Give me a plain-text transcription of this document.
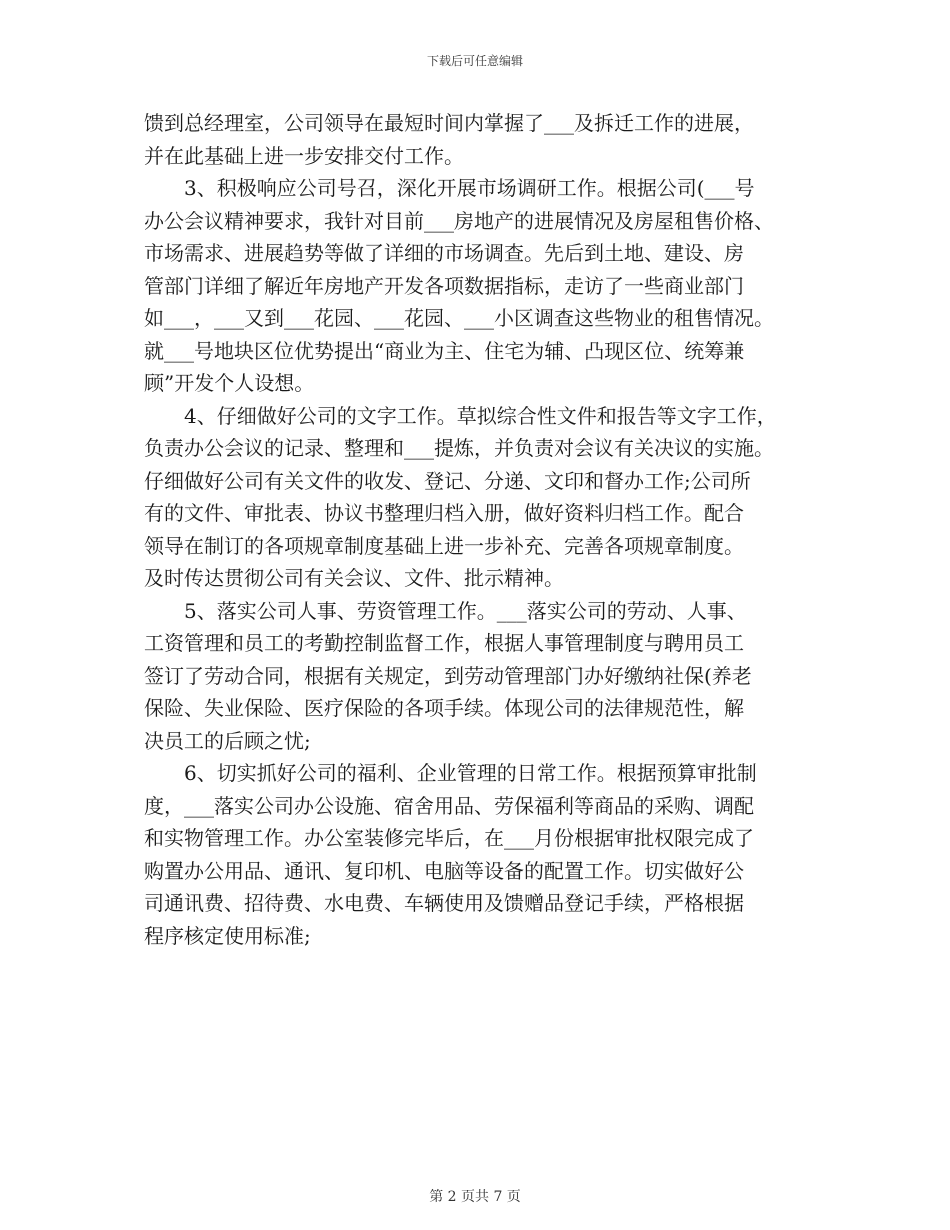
下载后可任意编辑
馈到总经理室，公司领导在最短时间内掌握了___及拆迁工作的进展，
并在此基础上进一步安排交付工作。
　　3、积极响应公司号召，深化开展市场调研工作。根据公司(___号
办公会议精神要求，我针对目前___房地产的进展情况及房屋租售价格、
市场需求、进展趋势等做了详细的市场调查。先后到土地、建设、房
管部门详细了解近年房地产开发各项数据指标，走访了一些商业部门
如___，___又到___花园、___花园、___小区调查这些物业的租售情况。
就___号地块区位优势提出“商业为主、住宅为辅、凸现区位、统筹兼
顾”开发个人设想。
　　4、仔细做好公司的文字工作。草拟综合性文件和报告等文字工作，
负责办公会议的记录、整理和___提炼，并负责对会议有关决议的实施。
仔细做好公司有关文件的收发、登记、分递、文印和督办工作;公司所
有的文件、审批表、协议书整理归档入册，做好资料归档工作。配合
领导在制订的各项规章制度基础上进一步补充、完善各项规章制度。
及时传达贯彻公司有关会议、文件、批示精神。
　　5、落实公司人事、劳资管理工作。___落实公司的劳动、人事、
工资管理和员工的考勤控制监督工作，根据人事管理制度与聘用员工
签订了劳动合同，根据有关规定，到劳动管理部门办好缴纳社保(养老
保险、失业保险、医疗保险的各项手续。体现公司的法律规范性，解
决员工的后顾之忧;
　　6、切实抓好公司的福利、企业管理的日常工作。根据预算审批制
度，___落实公司办公设施、宿舍用品、劳保福利等商品的采购、调配
和实物管理工作。办公室装修完毕后，在___月份根据审批权限完成了
购置办公用品、通讯、复印机、电脑等设备的配置工作。切实做好公
司通讯费、招待费、水电费、车辆使用及馈赠品登记手续，严格根据
程序核定使用标准;
第 2 页共 7 页
